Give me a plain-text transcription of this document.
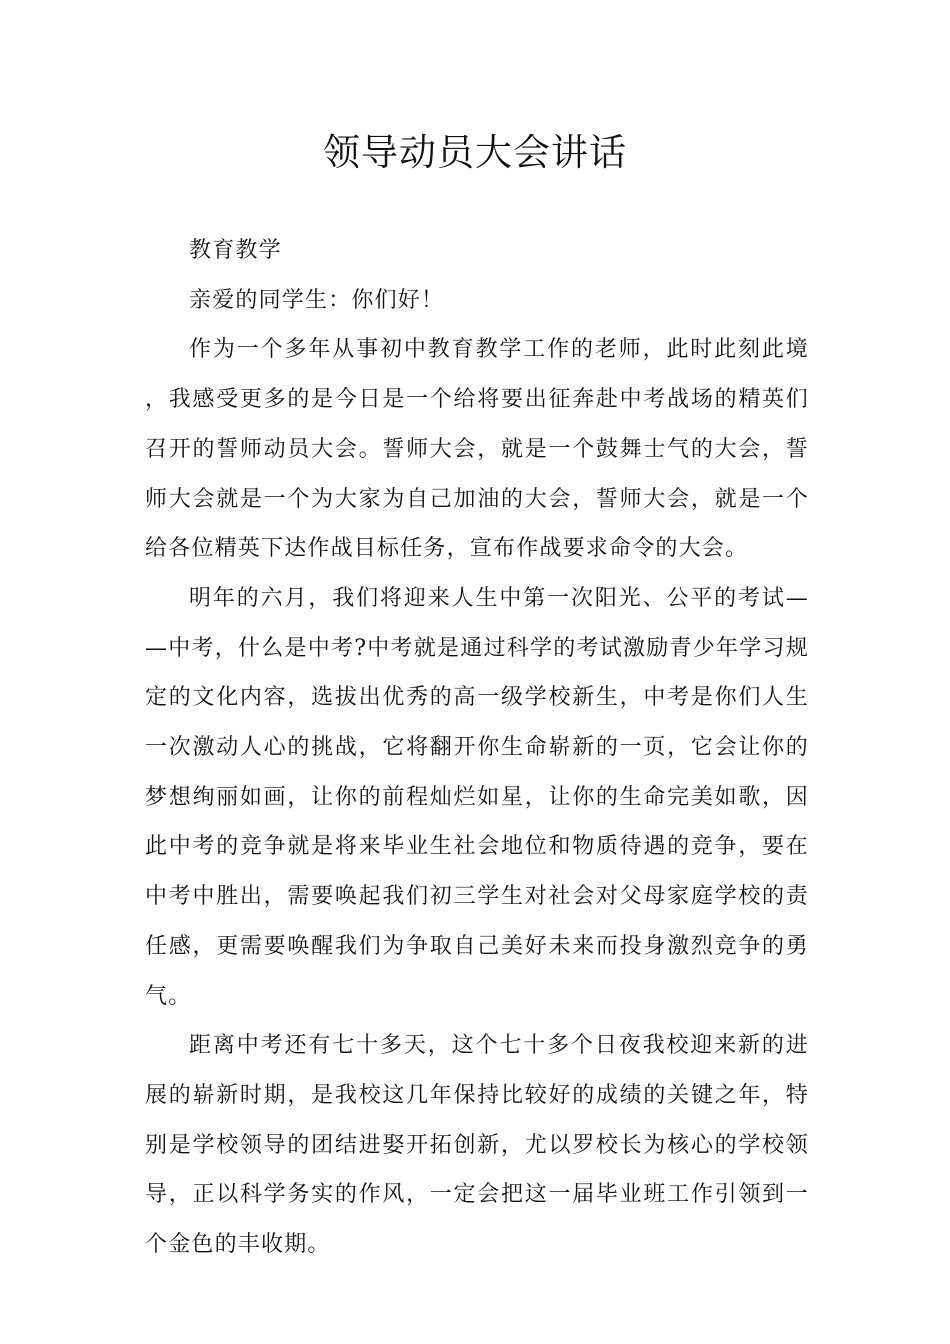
领导动员大会讲话

教育教学

亲爱的同学生：你们好！

作为一个多年从事初中教育教学工作的老师，此时此刻此境，我感受更多的是今日是一个给将要出征奔赴中考战场的精英们召开的誓师动员大会。誓师大会，就是一个鼓舞士气的大会，誓师大会就是一个为大家为自己加油的大会，誓师大会，就是一个给各位精英下达作战目标任务，宣布作战要求命令的大会。

明年的六月，我们将迎来人生中第一次阳光、公平的考试——中考，什么是中考?中考就是通过科学的考试激励青少年学习规定的文化内容，选拔出优秀的高一级学校新生，中考是你们人生一次激动人心的挑战，它将翻开你生命崭新的一页，它会让你的梦想绚丽如画，让你的前程灿烂如星，让你的生命完美如歌，因此中考的竞争就是将来毕业生社会地位和物质待遇的竞争，要在中考中胜出，需要唤起我们初三学生对社会对父母家庭学校的责任感，更需要唤醒我们为争取自己美好未来而投身激烈竞争的勇气。

距离中考还有七十多天，这个七十多个日夜我校迎来新的进展的崭新时期，是我校这几年保持比较好的成绩的关键之年，特别是学校领导的团结进娶开拓创新，尤以罗校长为核心的学校领导，正以科学务实的作风，一定会把这一届毕业班工作引领到一个金色的丰收期。
